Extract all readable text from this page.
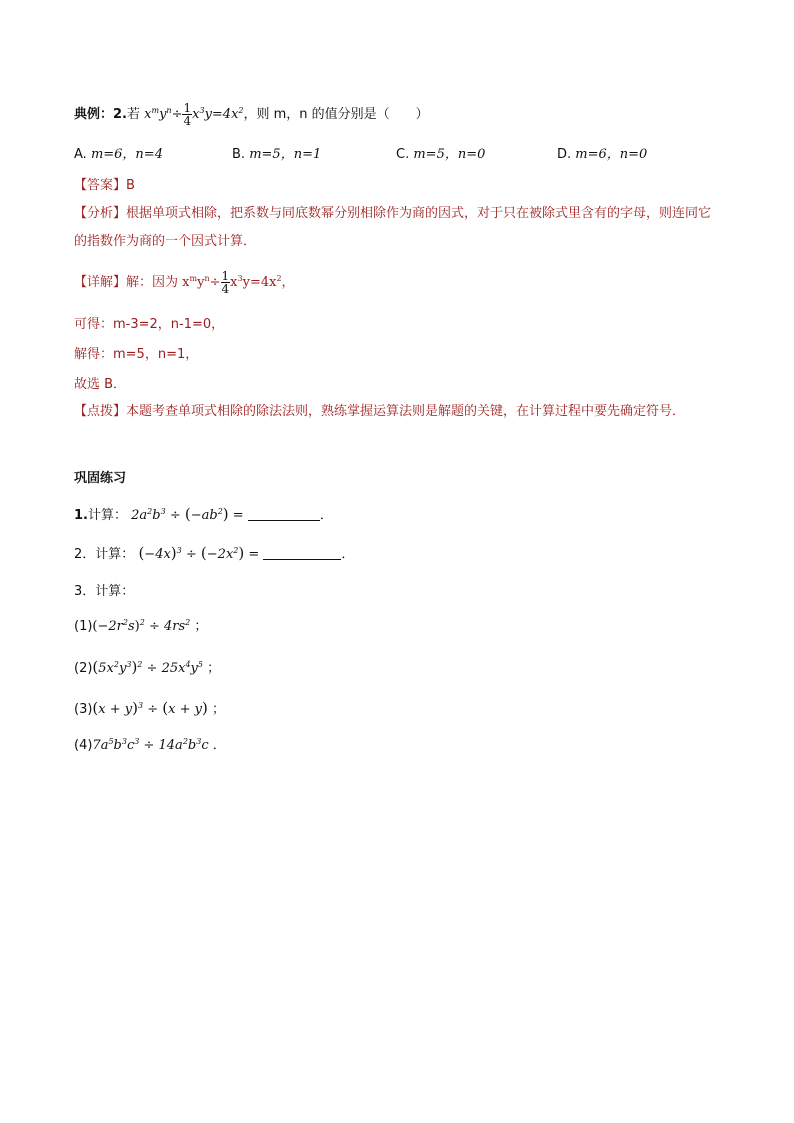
典例：2.若 $x^my^n\div \frac{1}{4} x^3y=4x^2$，则 m，n 的值分别是（　　）
A. m=6，n=4	B. m=5，n=1	C. m=5，n=0	D. m=6，n=0
【答案】B
【分析】根据单项式相除，把系数与同底数幂分别相除作为商的因式，对于只在被除式里含有的字母，则连同它的指数作为商的一个因式计算．
【详解】解：因为 $x^my^n\div \frac{1}{4} x^3y=4x^2$，
可得：m-3=2，n-1=0，
解得：m=5，n=1，
故选 B．
【点拨】本题考查单项式相除的除法法则，熟练掌握运算法则是解题的关键，在计算过程中要先确定符号．
巩固练习
1.计算： $2a^2b^3 \div (-ab^2)$ =	．
2．计算： $(-4x)^3 \div (-2x^2)$ =	．
3．计算：
$(1)(-2r^2s)^2 \div 4rs^2$ ；
$(2)(5x^2y^3)^2 \div 25x^4y^5$ ；
$(3)(x + y)^3 \div (x + y)$ ；
$(4)7a^5b^3c^3 \div 14a^2b^3c$ ．
